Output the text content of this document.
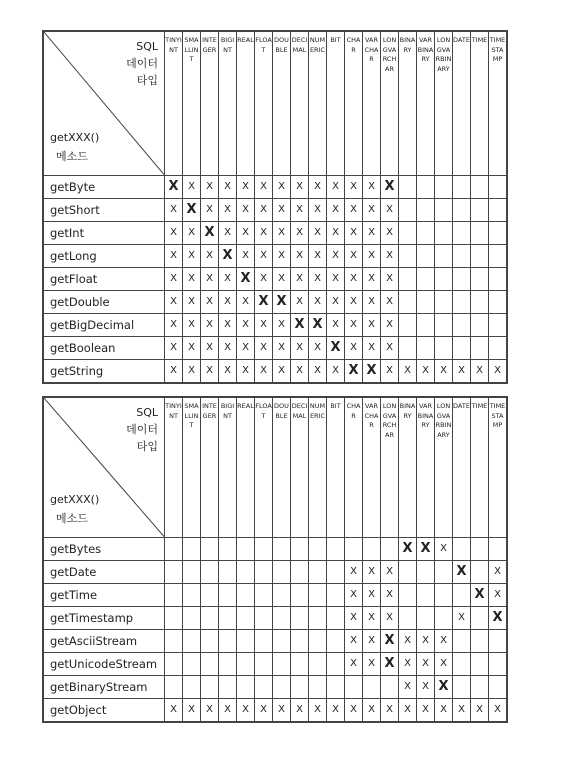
SQL
데이터
타입
getXXX()
메소드	TINYINT	SMALLINT	INTEGER	BIGINT	REAL	FLOAT	DOUBLE	DECIMAL	NUMERIC	BIT	CHAR	VARCHAR	LONGVARCHAR	BINARY	VARBINARY	LONGVARBINARY	DATE	TIME	TIMESTAMP

getByte	X	X	X	X	X	X	X	X	X	X	X	X	X						
getShort	X	X	X	X	X	X	X	X	X	X	X	X	X						
getInt	X	X	X	X	X	X	X	X	X	X	X	X	X						
getLong	X	X	X	X	X	X	X	X	X	X	X	X	X						
getFloat	X	X	X	X	X	X	X	X	X	X	X	X	X						
getDouble	X	X	X	X	X	X	X	X	X	X	X	X	X						
getBigDecimal	X	X	X	X	X	X	X	X	X	X	X	X	X						
getBoolean	X	X	X	X	X	X	X	X	X	X	X	X	X						
getString	X	X	X	X	X	X	X	X	X	X	X	X	X	X	X	X	X	X	X
SQL
데이터
타입
getXXX()
메소드	TINYINT	SMALLINT	INTEGER	BIGINT	REAL	FLOAT	DOUBLE	DECIMAL	NUMERIC	BIT	CHAR	VARCHAR	LONGVARCHAR	BINARY	VARBINARY	LONGVARBINARY	DATE	TIME	TIMESTAMP

getBytes														X	X	X			
getDate											X	X	X				X		X
getTime											X	X	X					X	X
getTimestamp											X	X	X				X		X
getAsciiStream											X	X	X	X	X	X			
getUnicodeStream											X	X	X	X	X	X			
getBinaryStream														X	X	X			
getObject	X	X	X	X	X	X	X	X	X	X	X	X	X	X	X	X	X	X	X
